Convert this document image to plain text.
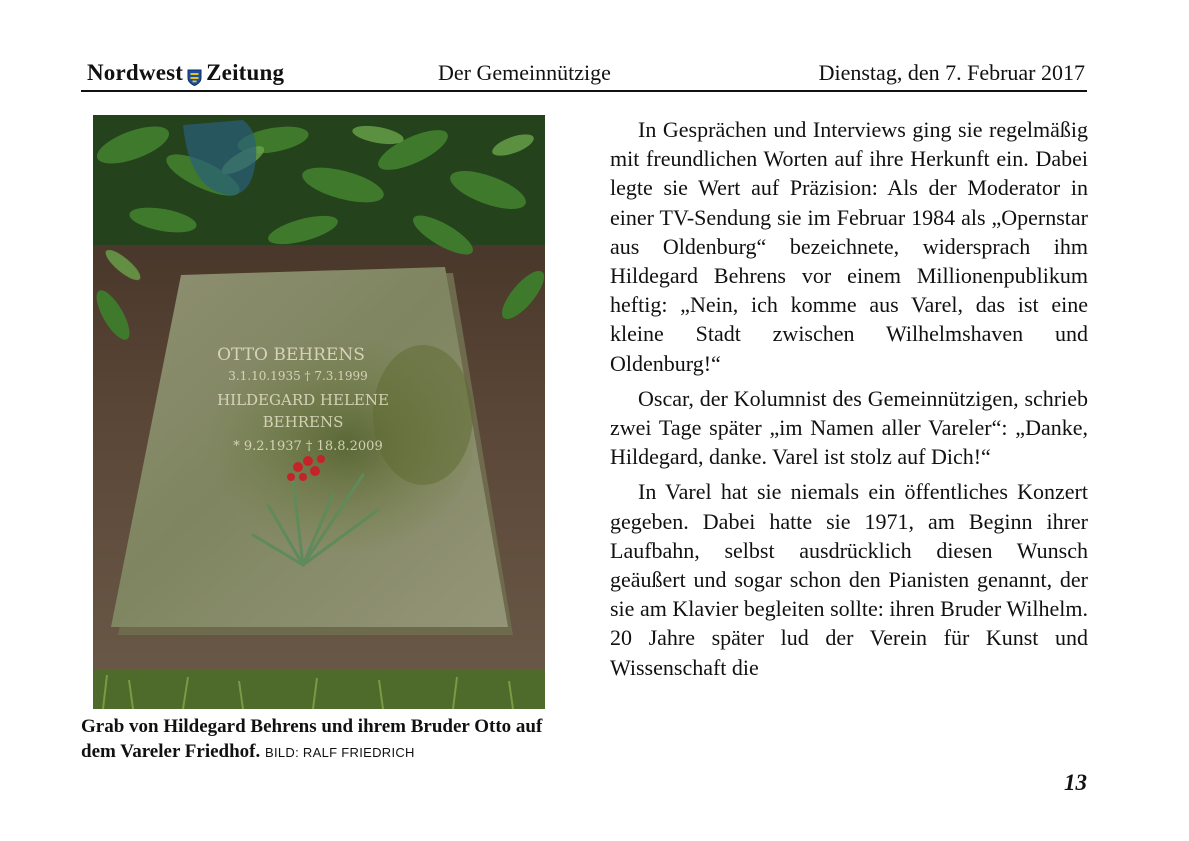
Nordwest Zeitung	Der Gemeinnützige	Dienstag, den 7. Februar 2017
OTTO BEHRENS
3.1.10.1935 † 7.3.1999
HILDEGARD HELENE
BEHRENS
* 9.2.1937 † 18.8.2009
Grab von Hildegard Behrens und ihrem Bruder Otto auf dem Vareler Friedhof. BILD: RALF FRIEDRICH

In Gesprächen und Interviews ging sie regelmäßig mit freundlichen Worten auf ihre Herkunft ein. Dabei legte sie Wert auf Präzision: Als der Moderator in einer TV-Sendung sie im Februar 1984 als „Opernstar aus Oldenburg“ bezeichnete, widersprach ihm Hildegard Behrens vor einem Millionenpublikum heftig: „Nein, ich komme aus Varel, das ist eine kleine Stadt zwischen Wilhelmshaven und Oldenburg!“

Oscar, der Kolumnist des Gemeinnützigen, schrieb zwei Tage später „im Namen aller Vareler“: „Danke, Hildegard, danke. Varel ist stolz auf Dich!“

In Varel hat sie niemals ein öffentliches Konzert gegeben. Dabei hatte sie 1971, am Beginn ihrer Laufbahn, selbst ausdrücklich diesen Wunsch geäußert und sogar schon den Pianisten genannt, der sie am Klavier begleiten sollte: ihren Bruder Wilhelm. 20 Jahre später lud der Verein für Kunst und Wissenschaft die

13
